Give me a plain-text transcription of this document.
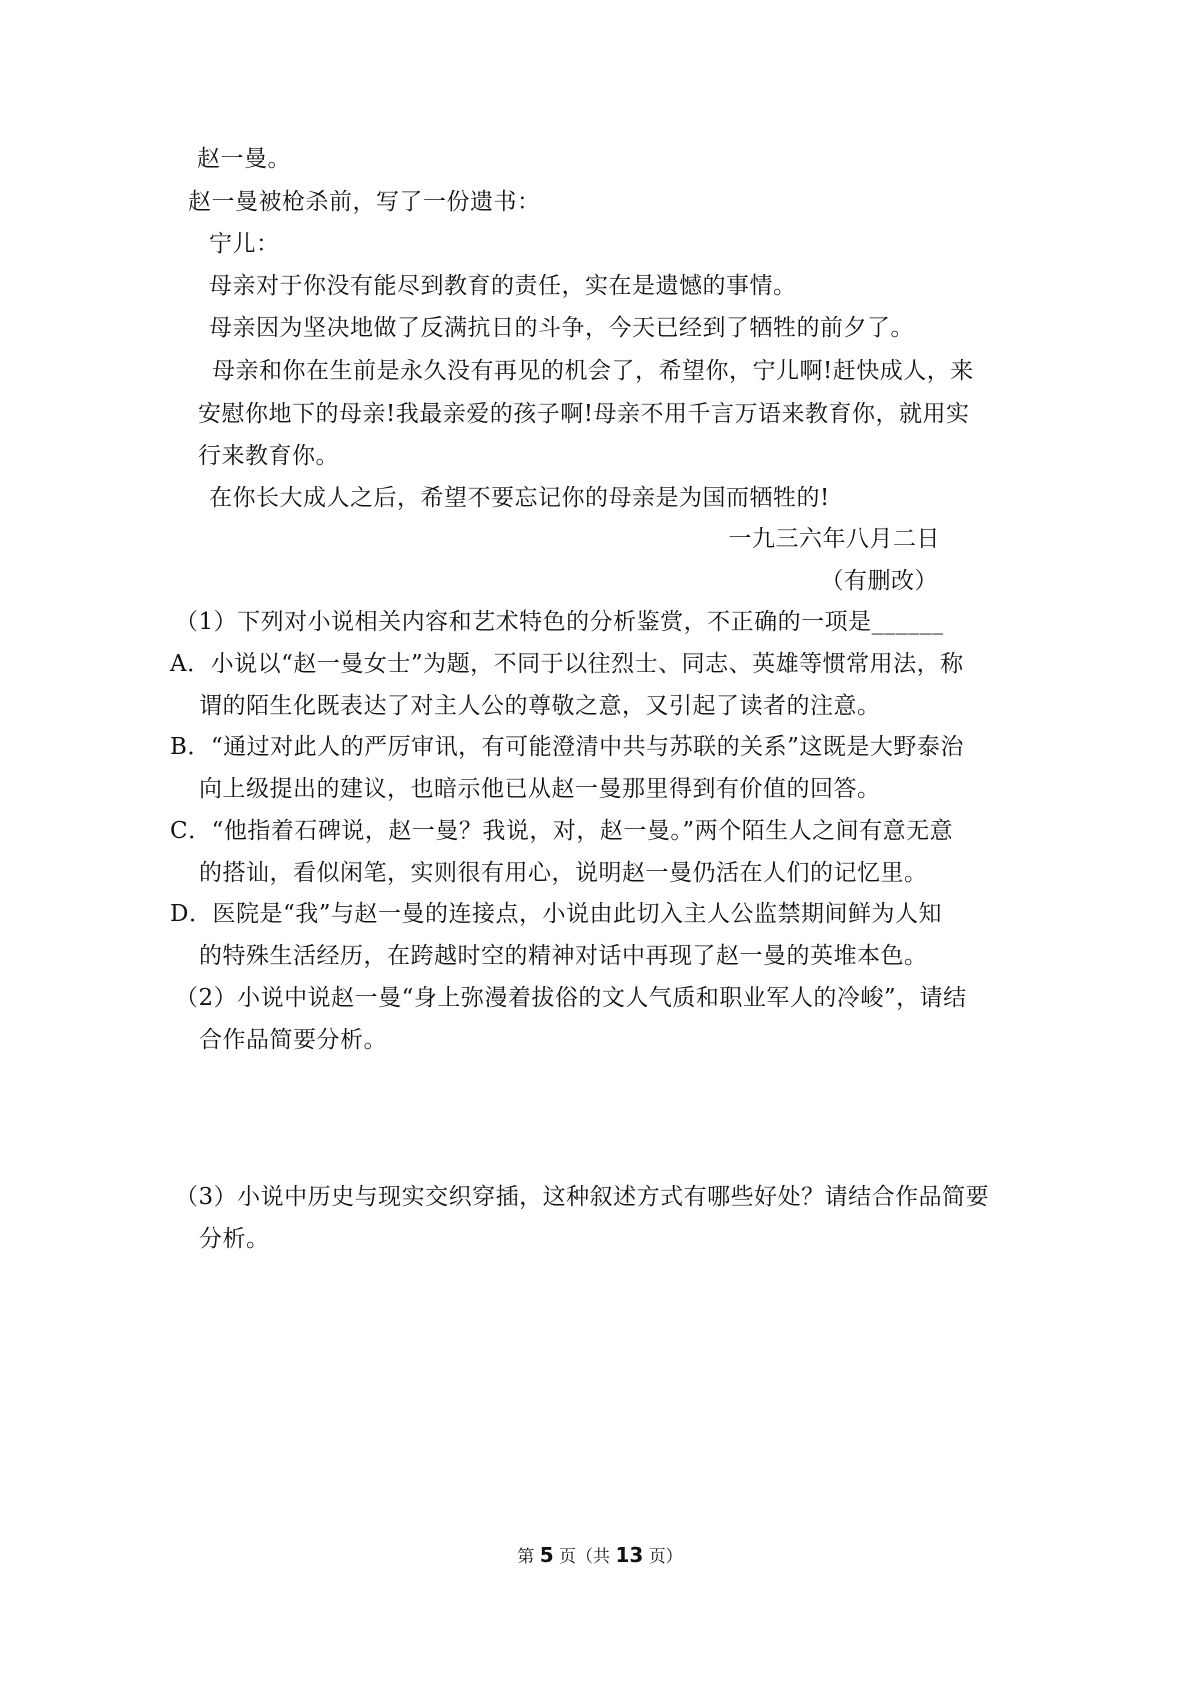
赵一曼。
赵一曼被枪杀前，写了一份遗书：
宁儿：
母亲对于你没有能尽到教育的责任，实在是遗憾的事情。
母亲因为坚决地做了反满抗日的斗争，今天已经到了牺牲的前夕了。
母亲和你在生前是永久没有再见的机会了，希望你，宁儿啊!赶快成人，来
安慰你地下的母亲!我最亲爱的孩子啊!母亲不用千言万语来教育你，就用实
行来教育你。
在你长大成人之后，希望不要忘记你的母亲是为国而牺牲的!
一九三六年八月二日
（有删改）
（1）下列对小说相关内容和艺术特色的分析鉴赏，不正确的一项是______
A．小说以“赵一曼女士”为题，不同于以往烈士、同志、英雄等惯常用法，称
谓的陌生化既表达了对主人公的尊敬之意，又引起了读者的注意。
B．“通过对此人的严厉审讯，有可能澄清中共与苏联的关系”这既是大野泰治
向上级提出的建议，也暗示他已从赵一曼那里得到有价值的回答。
C．“他指着石碑说，赵一曼？我说，对，赵一曼。”两个陌生人之间有意无意
的搭讪，看似闲笔，实则很有用心，说明赵一曼仍活在人们的记忆里。
D．医院是“我”与赵一曼的连接点，小说由此切入主人公监禁期间鲜为人知
的特殊生活经历，在跨越时空的精神对话中再现了赵一曼的英堆本色。
（2）小说中说赵一曼“身上弥漫着拔俗的文人气质和职业军人的冷峻”，请结
合作品简要分析。
（3）小说中历史与现实交织穿插，这种叙述方式有哪些好处？请结合作品简要
分析。
第 5 页（共 13 页）
